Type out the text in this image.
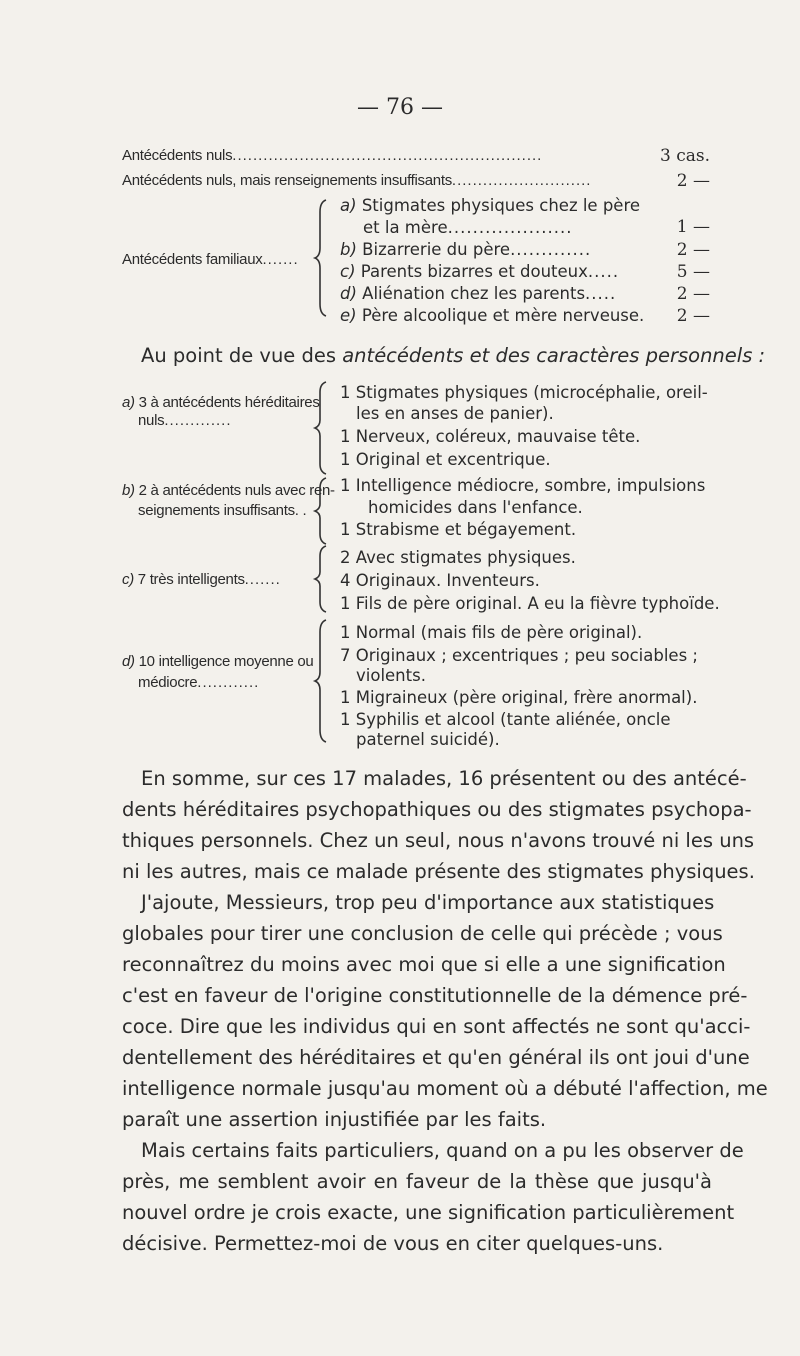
— 76 —
Antécédents nuls............................................................	3 cas.
Antécédents nuls, mais renseignements insuffisants...........................	2 —
Antécédents familiaux.......
a) Stigmates physiques chez le père
et la mère....................	1 —
b) Bizarrerie du père.............	2 —
c) Parents bizarres et douteux.....	5 —
d) Aliénation chez les parents.....	2 —
e) Père alcoolique et mère nerveuse.	2 —
Au point de vue des antécédents et des caractères personnels :
a) 3 à antécédents héréditaires
nuls.............
1 Stigmates physiques (microcéphalie, oreil-
les en anses de panier).
1 Nerveux, coléreux, mauvaise tête.
1 Original et excentrique.
b) 2 à antécédents nuls avec ren-
seignements insuffisants. .
1 Intelligence médiocre, sombre, impulsions
homicides dans l'enfance.
1 Strabisme et bégayement.
c) 7 très intelligents.......
2 Avec stigmates physiques.
4 Originaux. Inventeurs.
1 Fils de père original. A eu la fièvre typhoïde.
d) 10 intelligence moyenne ou
médiocre............
1 Normal (mais fils de père original).
7 Originaux ; excentriques ; peu sociables ;
violents.
1 Migraineux (père original, frère anormal).
1 Syphilis et alcool (tante aliénée, oncle
paternel suicidé).
En somme, sur ces 17 malades, 16 présentent ou des antécé-
dents héréditaires psychopathiques ou des stigmates psychopa-
thiques personnels. Chez un seul, nous n'avons trouvé ni les uns
ni les autres, mais ce malade présente des stigmates physiques.
J'ajoute, Messieurs, trop peu d'importance aux statistiques
globales pour tirer une conclusion de celle qui précède ; vous
reconnaîtrez du moins avec moi que si elle a une signification
c'est en faveur de l'origine constitutionnelle de la démence pré-
coce. Dire que les individus qui en sont affectés ne sont qu'acci-
dentellement des héréditaires et qu'en général ils ont joui d'une
intelligence normale jusqu'au moment où a débuté l'affection, me
paraît une assertion injustifiée par les faits.
Mais certains faits particuliers, quand on a pu les observer de
près, me semblent avoir en faveur de la thèse que jusqu'à
nouvel ordre je crois exacte, une signification particulièrement
décisive. Permettez-moi de vous en citer quelques-uns.
